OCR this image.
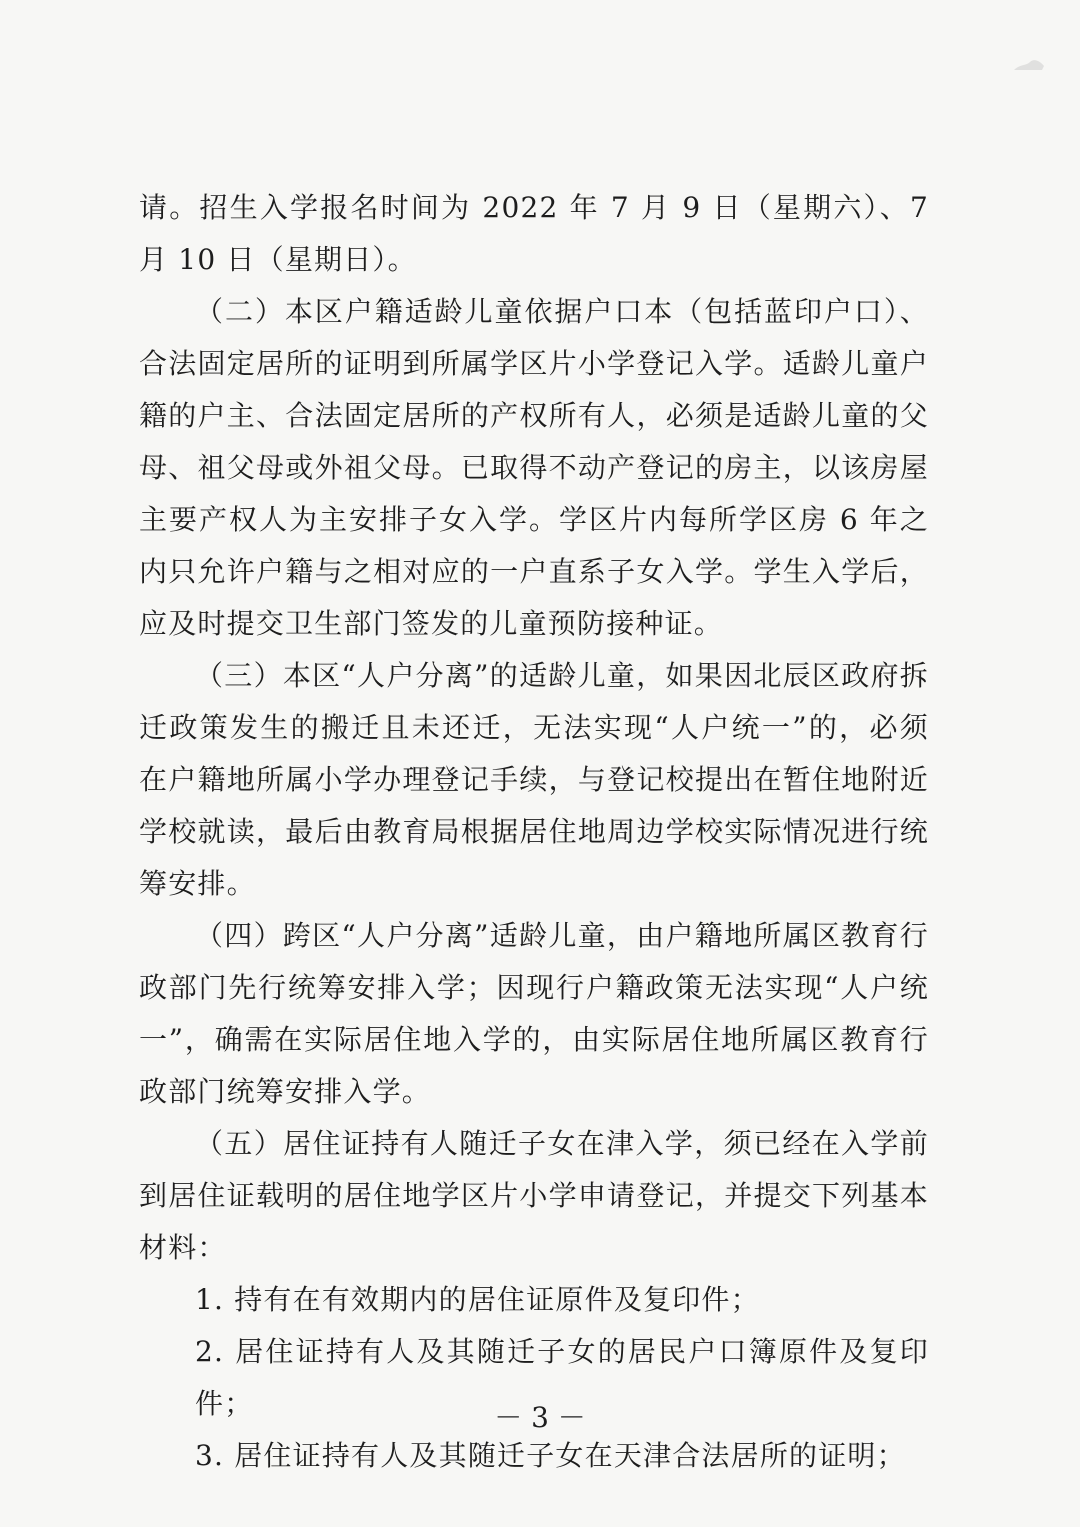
请。招生入学报名时间为 2022 年 7 月 9 日（星期六）、7 月 10 日（星期日）。

（二）本区户籍适龄儿童依据户口本（包括蓝印户口）、合法固定居所的证明到所属学区片小学登记入学。适龄儿童户籍的户主、合法固定居所的产权所有人，必须是适龄儿童的父母、祖父母或外祖父母。已取得不动产登记的房主，以该房屋主要产权人为主安排子女入学。学区片内每所学区房 6 年之内只允许户籍与之相对应的一户直系子女入学。学生入学后，应及时提交卫生部门签发的儿童预防接种证。

（三）本区“人户分离”的适龄儿童，如果因北辰区政府拆迁政策发生的搬迁且未还迁，无法实现“人户统一”的，必须在户籍地所属小学办理登记手续，与登记校提出在暂住地附近学校就读，最后由教育局根据居住地周边学校实际情况进行统筹安排。

（四）跨区“人户分离”适龄儿童，由户籍地所属区教育行政部门先行统筹安排入学；因现行户籍政策无法实现“人户统一”，确需在实际居住地入学的，由实际居住地所属区教育行政部门统筹安排入学。

（五）居住证持有人随迁子女在津入学，须已经在入学前到居住证载明的居住地学区片小学申请登记，并提交下列基本材料：

1. 持有在有效期内的居住证原件及复印件；

2. 居住证持有人及其随迁子女的居民户口簿原件及复印件；

3. 居住证持有人及其随迁子女在天津合法居所的证明；

－ 3 －
